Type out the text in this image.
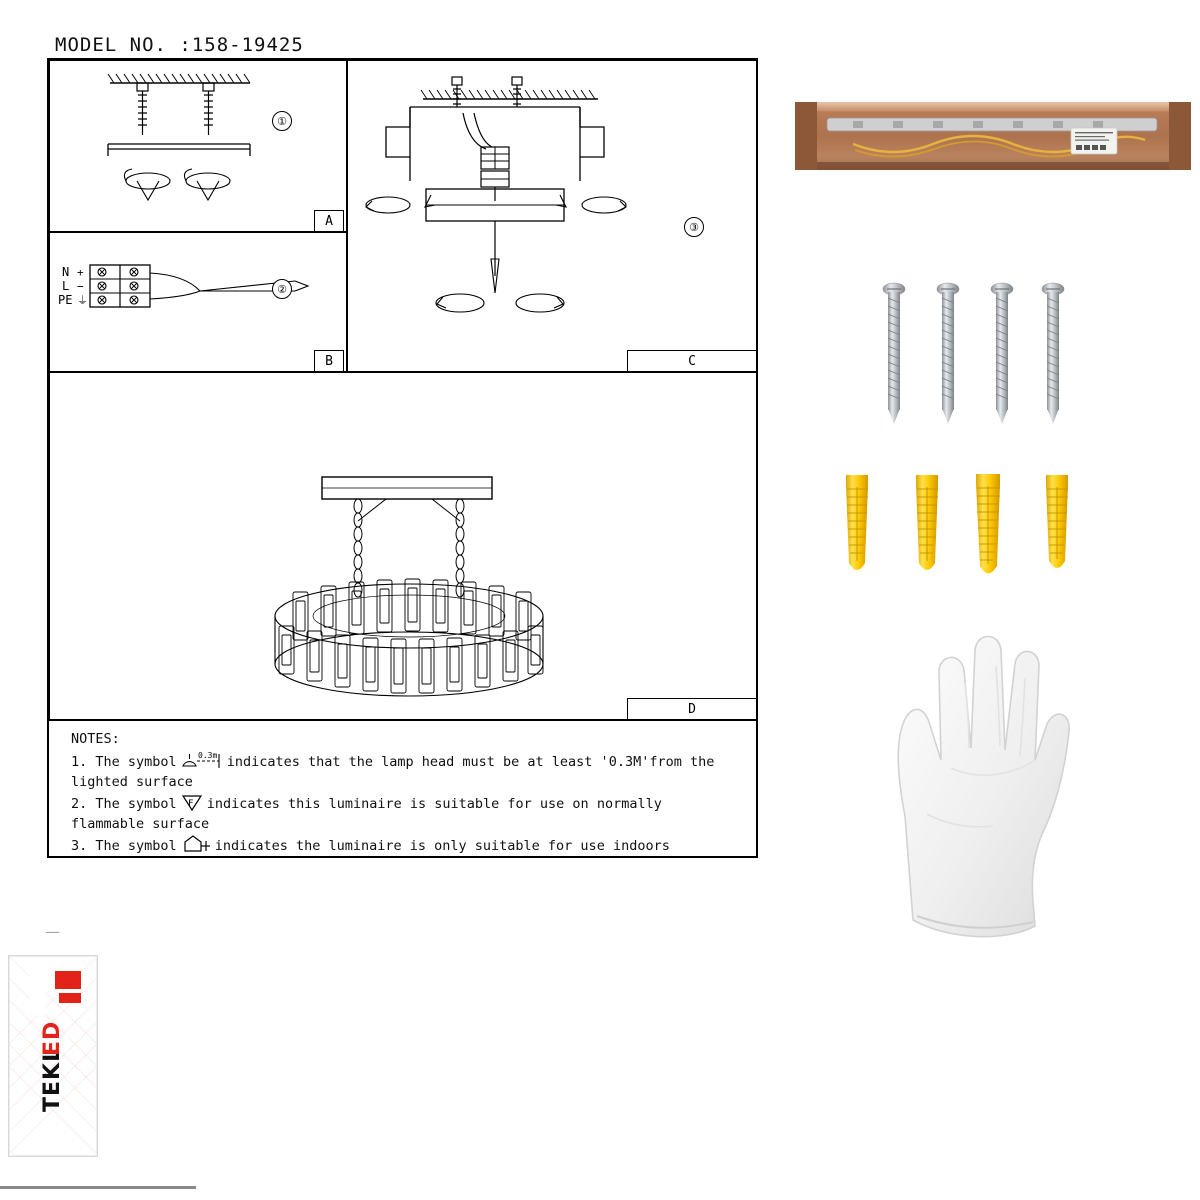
MODEL NO. :158-19425
①
N
L
PE
+
−
⏚
②
③
NOTES:
1. The symbol	0.3m indicates that the lamp head must be at least '0.3M'from the lighted surface
2. The symbol F indicates this luminaire is suitable for use on normally flammable surface
3. The symbol	indicates the luminaire is only suitable for use indoors
A
B	C
D
––
TEKL
ED
